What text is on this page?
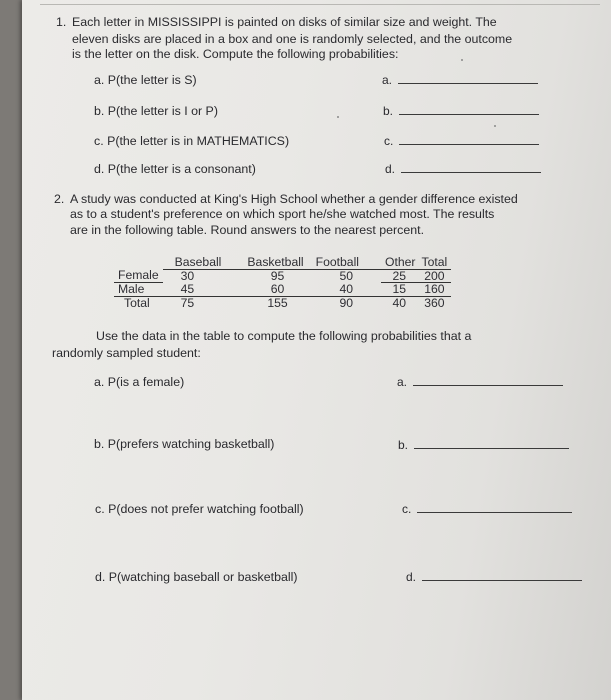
1. Each letter in MISSISSIPPI is painted on disks of similar size and weight. The
eleven disks are placed in a box and one is randomly selected, and the outcome
is the letter on the disk. Compute the following probabilities:
a. P(the letter is S)	a.
b. P(the letter is I or P)	b.
c. P(the letter is in MATHEMATICS)	c.
d. P(the letter is a consonant)	d.
2. A study was conducted at King's High School whether a gender difference existed
as to a student's preference on which sport he/she watched most. The results
are in the following table. Round answers to the nearest percent.
	Baseball	Basketball	Football	Other	Total
Female	30	95	50	25	200
Male	45	60	40	15	160
Total	75	155	90	40	360
Use the data in the table to compute the following probabilities that a
randomly sampled student:
a. P(is a female)	a.
b. P(prefers watching basketball)	b.
c. P(does not prefer watching football)	c.
d. P(watching baseball or basketball)	d.
